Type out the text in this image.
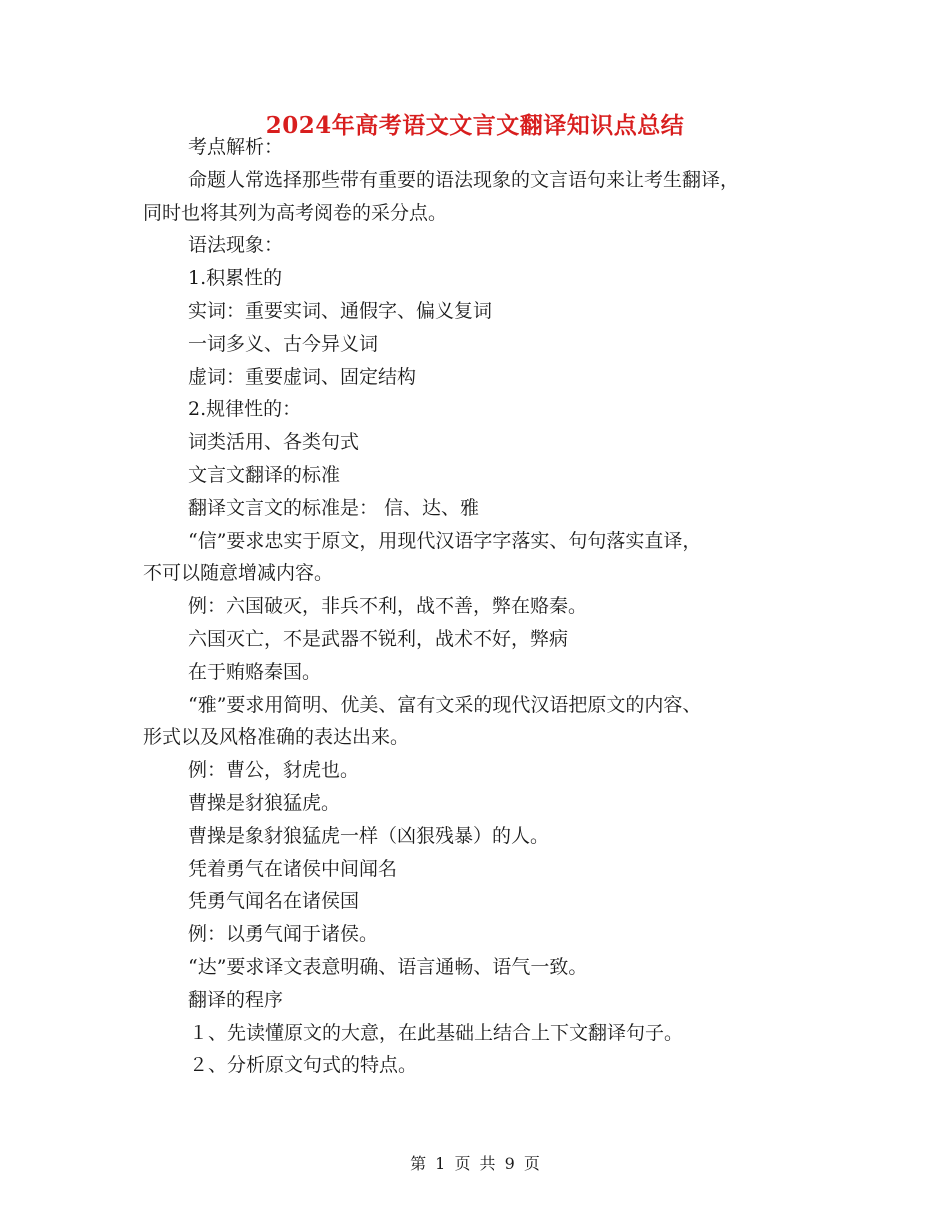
2024年高考语文文言文翻译知识点总结
考点解析：
命题人常选择那些带有重要的语法现象的文言语句来让考生翻译，
同时也将其列为高考阅卷的采分点。
语法现象：
1.积累性的
实词：重要实词、通假字、偏义复词
一词多义、古今异义词
虚词：重要虚词、固定结构
2.规律性的：
词类活用、各类句式
文言文翻译的标准
翻译文言文的标准是： 信、达、雅
“信”要求忠实于原文，用现代汉语字字落实、句句落实直译，
不可以随意增减内容。
例：六国破灭，非兵不利，战不善，弊在赂秦。
六国灭亡，不是武器不锐利，战术不好，弊病
在于贿赂秦国。
“雅”要求用简明、优美、富有文采的现代汉语把原文的内容、
形式以及风格准确的表达出来。
例：曹公，豺虎也。
曹操是豺狼猛虎。
曹操是象豺狼猛虎一样（凶狠残暴）的人。
凭着勇气在诸侯中间闻名
凭勇气闻名在诸侯国
例：以勇气闻于诸侯。
“达”要求译文表意明确、语言通畅、语气一致。
翻译的程序
１、先读懂原文的大意，在此基础上结合上下文翻译句子。
２、分析原文句式的特点。
第 1 页 共 9 页
